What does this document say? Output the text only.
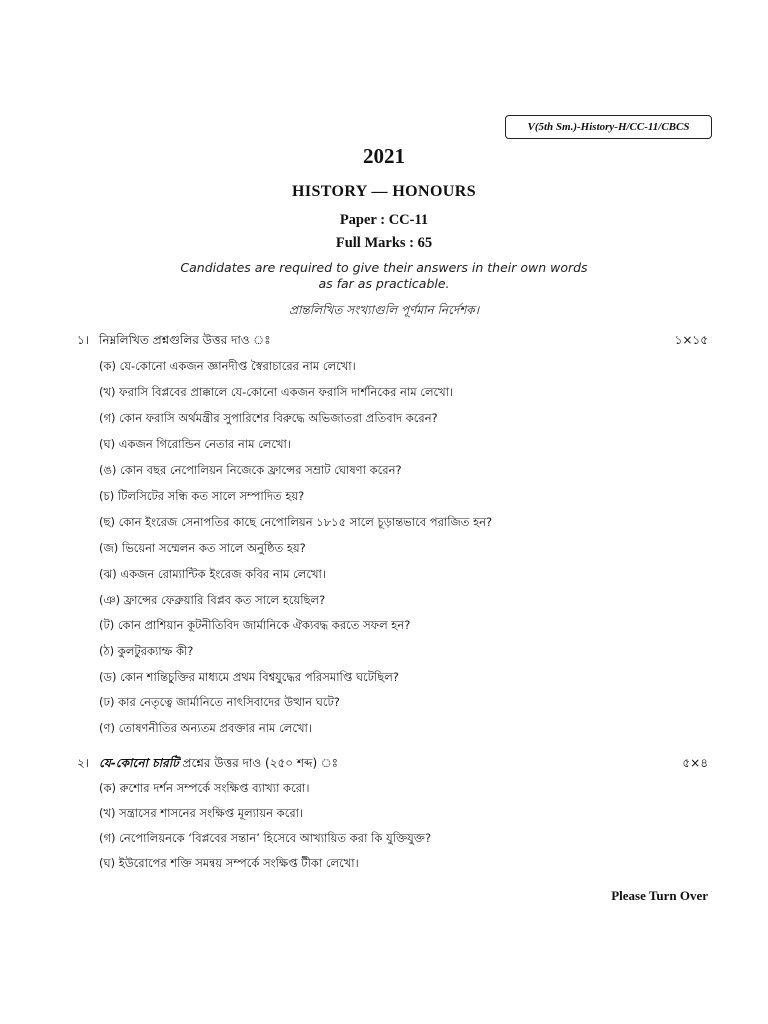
V(5th Sm.)-History-H/CC-11/CBCS
2021
HISTORY — HONOURS
Paper : CC-11
Full Marks : 65
Candidates are required to give their answers in their own words
as far as practicable.
প্রান্তলিখিত সংখ্যাগুলি পূর্ণমান নির্দেশক।
১। নিম্নলিখিত প্রশ্নগুলির উত্তর দাও ঃ	১×১৫
(ক) যে-কোনো একজন জ্ঞানদীপ্ত স্বৈরাচারের নাম লেখো।
(খ) ফরাসি বিপ্লবের প্রাক্কালে যে-কোনো একজন ফরাসি দার্শনিকের নাম লেখো।
(গ) কোন ফরাসি অর্থমন্ত্রীর সুপারিশের বিরুদ্ধে অভিজাতরা প্রতিবাদ করেন?
(ঘ) একজন গিরোন্ডিন নেতার নাম লেখো।
(ঙ) কোন বছর নেপোলিয়ন নিজেকে ফ্রান্সের সম্রাট ঘোষণা করেন?
(চ) টিলসিটের সন্ধি কত সালে সম্পাদিত হয়?
(ছ) কোন ইংরেজ সেনাপতির কাছে নেপোলিয়ন ১৮১৫ সালে চূড়ান্তভাবে পরাজিত হন?
(জ) ভিয়েনা সম্মেলন কত সালে অনুষ্ঠিত হয়?
(ঝ) একজন রোম্যান্টিক ইংরেজ কবির নাম লেখো।
(ঞ) ফ্রান্সের ফেব্রুয়ারি বিপ্লব কত সালে হয়েছিল?
(ট) কোন প্রাশিয়ান কূটনীতিবিদ জার্মানিকে ঐক্যবদ্ধ করতে সফল হন?
(ঠ) কুলটুরক্যাম্ফ কী?
(ড) কোন শান্তিচুক্তির মাধ্যমে প্রথম বিশ্বযুদ্ধের পরিসমাপ্তি ঘটেছিল?
(ঢ) কার নেতৃত্বে জার্মানিতে নাৎসিবাদের উত্থান ঘটে?
(ণ) তোষণনীতির অন্যতম প্রবক্তার নাম লেখো।
২। যে-কোনো চারটি প্রশ্নের উত্তর দাও (২৫০ শব্দ) ঃ	৫×৪
(ক) রুশোর দর্শন সম্পর্কে সংক্ষিপ্ত ব্যাখ্যা করো।
(খ) সন্ত্রাসের শাসনের সংক্ষিপ্ত মূল্যায়ন করো।
(গ) নেপোলিয়নকে ‘বিপ্লবের সন্তান’ হিসেবে আখ্যায়িত করা কি যুক্তিযুক্ত?
(ঘ) ইউরোপের শক্তি সমন্বয় সম্পর্কে সংক্ষিপ্ত টীকা লেখো।
Please Turn Over
